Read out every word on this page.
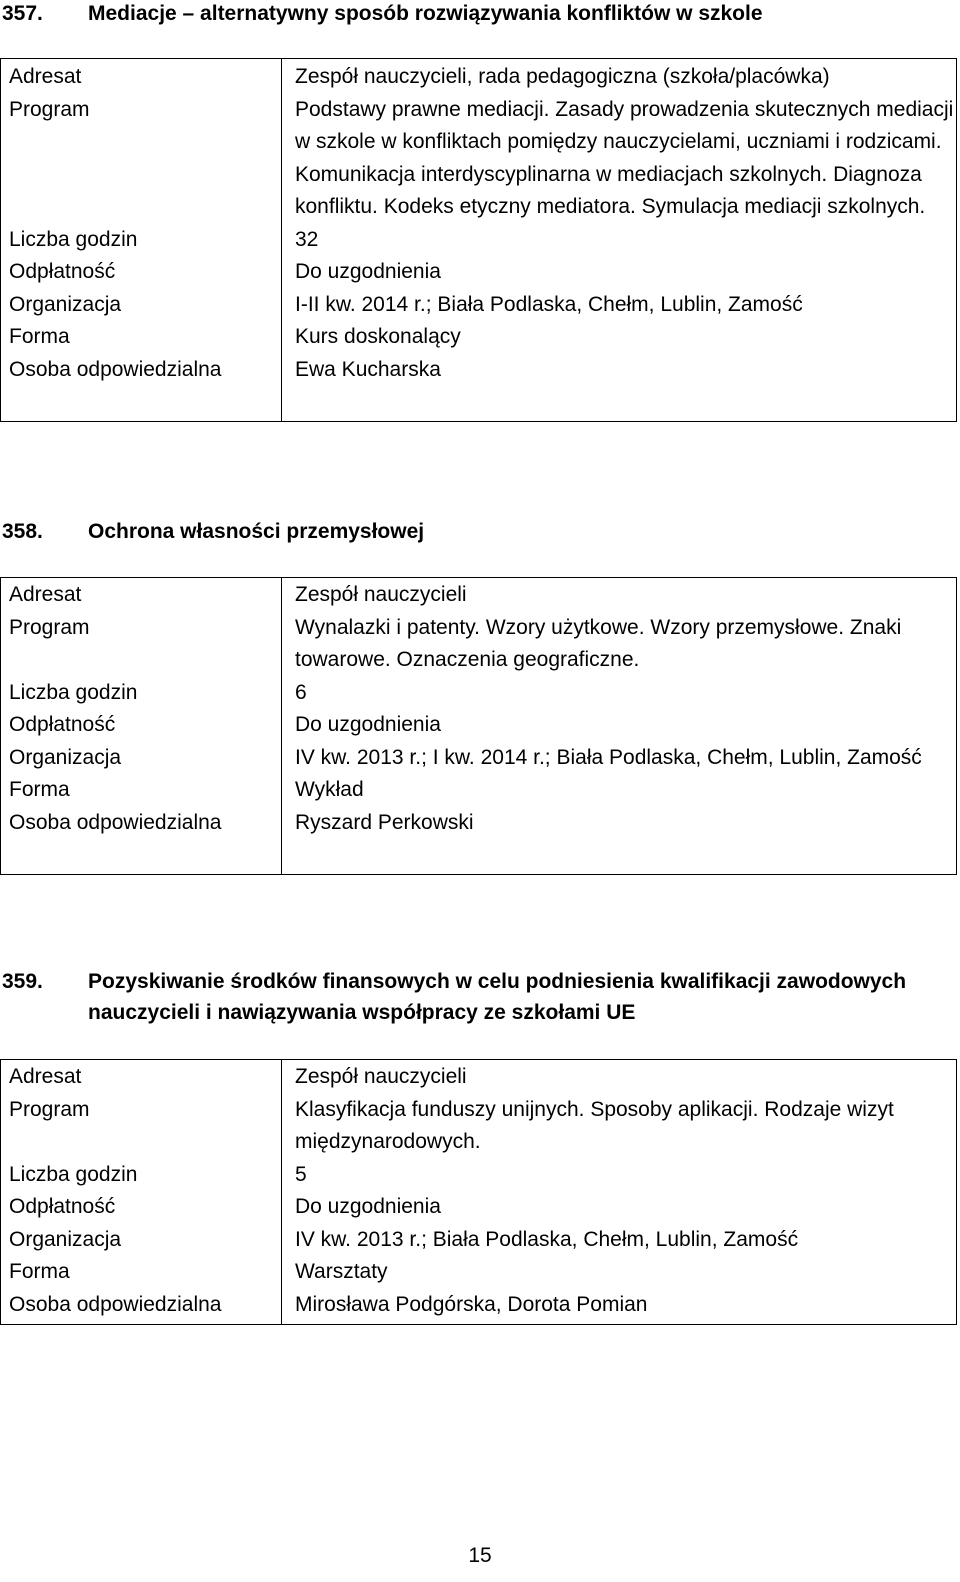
357.	Mediacje – alternatywny sposób rozwiązywania konfliktów w szkole
Adresat	Zespół nauczycieli, rada pedagogiczna (szkoła/placówka)
Program	Podstawy prawne mediacji. Zasady prowadzenia skutecznych mediacji w szkole w konfliktach pomiędzy nauczycielami, uczniami i rodzicami. Komunikacja interdyscyplinarna w mediacjach szkolnych. Diagnoza konfliktu. Kodeks etyczny mediatora. Symulacja mediacji szkolnych.
Liczba godzin	32
Odpłatność	Do uzgodnienia
Organizacja	I-II kw. 2014 r.; Biała Podlaska, Chełm, Lublin, Zamość
Forma	Kurs doskonalący
Osoba odpowiedzialna	Ewa Kucharska
358.	Ochrona własności przemysłowej
Adresat	Zespół nauczycieli
Program	Wynalazki i patenty. Wzory użytkowe. Wzory przemysłowe. Znaki towarowe. Oznaczenia geograficzne.
Liczba godzin	6
Odpłatność	Do uzgodnienia
Organizacja	IV kw. 2013 r.; I kw. 2014 r.; Biała Podlaska, Chełm, Lublin, Zamość
Forma	Wykład
Osoba odpowiedzialna	Ryszard Perkowski
359.	Pozyskiwanie środków finansowych w celu podniesienia kwalifikacji zawodowych nauczycieli i nawiązywania współpracy ze szkołami UE
Adresat	Zespół nauczycieli
Program	Klasyfikacja funduszy unijnych. Sposoby aplikacji. Rodzaje wizyt międzynarodowych.
Liczba godzin	5
Odpłatność	Do uzgodnienia
Organizacja	IV kw. 2013 r.; Biała Podlaska, Chełm, Lublin, Zamość
Forma	Warsztaty
Osoba odpowiedzialna	Mirosława Podgórska, Dorota Pomian
15
